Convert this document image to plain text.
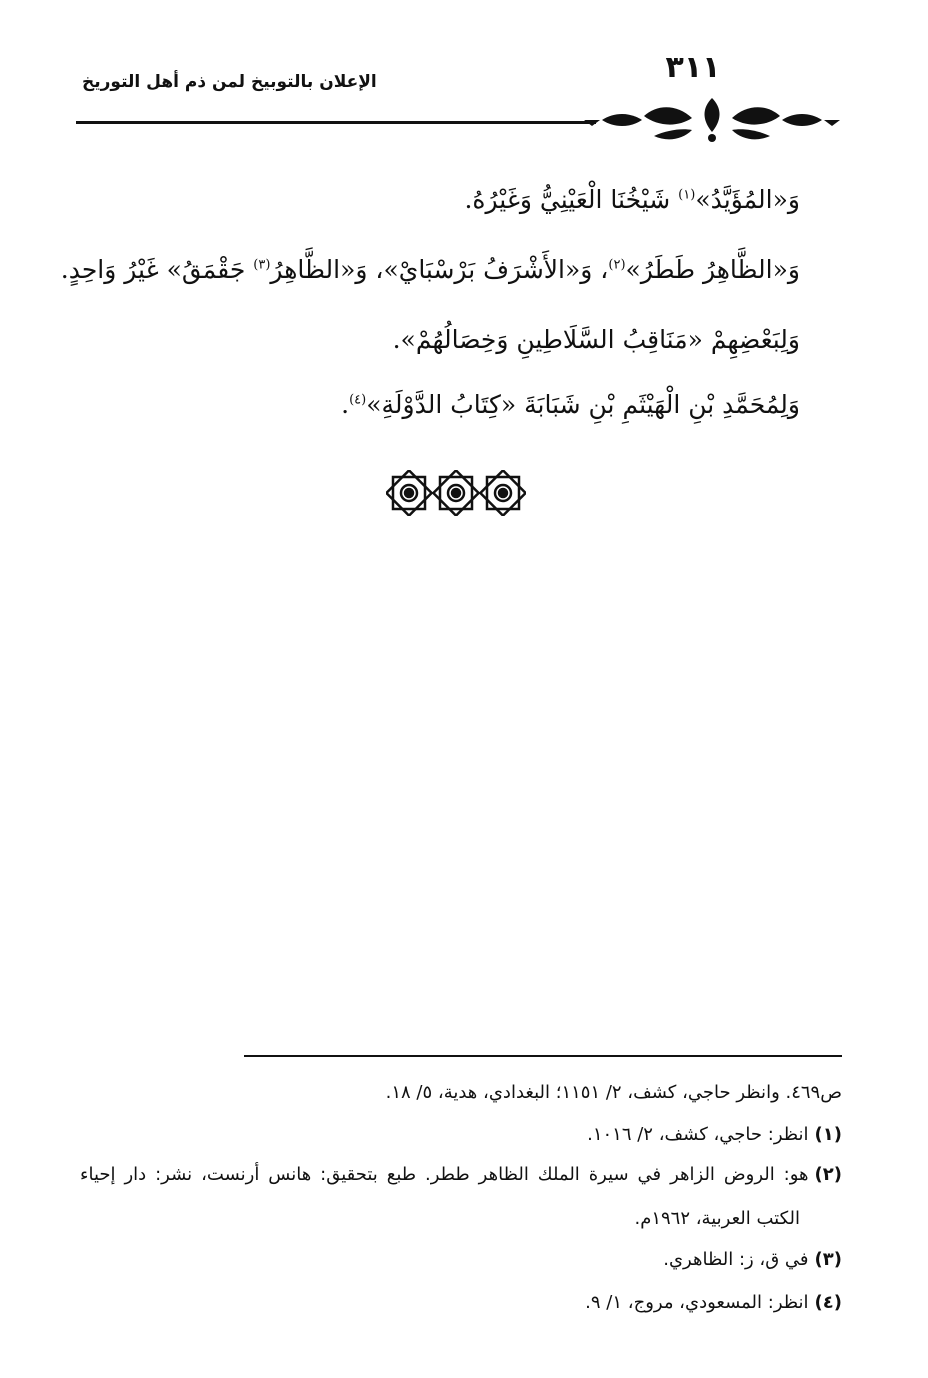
٣١١
الإعلان بالتوبيخ لمن ذم أهل التوريخ
وَ«المُؤَيَّدُ»$^{(١)}$ شَيْخُنَا الْعَيْنِيُّ وَغَيْرُهُ.
وَ«الظَّاهِرُ طَطَرُ»$^{(٢)}$، وَ«الأَشْرَفُ بَرْسْبَايْ»، وَ«الظَّاهِرُ$^{(٣)}$ جَقْمَقُ» غَيْرُ وَاحِدٍ.
وَلِبَعْضِهِمْ «مَنَاقِبُ السَّلَاطِينِ وَخِصَالُهُمْ».
وَلِمُحَمَّدِ بْنِ الْهَيْثَمِ بْنِ شَبَابَةَ «كِتَابُ الدَّوْلَةِ»$^{(٤)}$.
ص٤٦٩. وانظر حاجي، كشف، ٢/ ١١٥١؛ البغدادي، هدية، ٥/ ١٨.
(١)انظر: حاجي، كشف، ٢/ ١٠١٦.
(٢)هو: الروض الزاهر في سيرة الملك الظاهر ططر. طبع بتحقيق: هانس أرنست، نشر: دار إحياء
الكتب العربية، ١٩٦٢م.
(٣)في ق، ز: الظاهري.
(٤)انظر: المسعودي، مروج، ١/ ٩.
